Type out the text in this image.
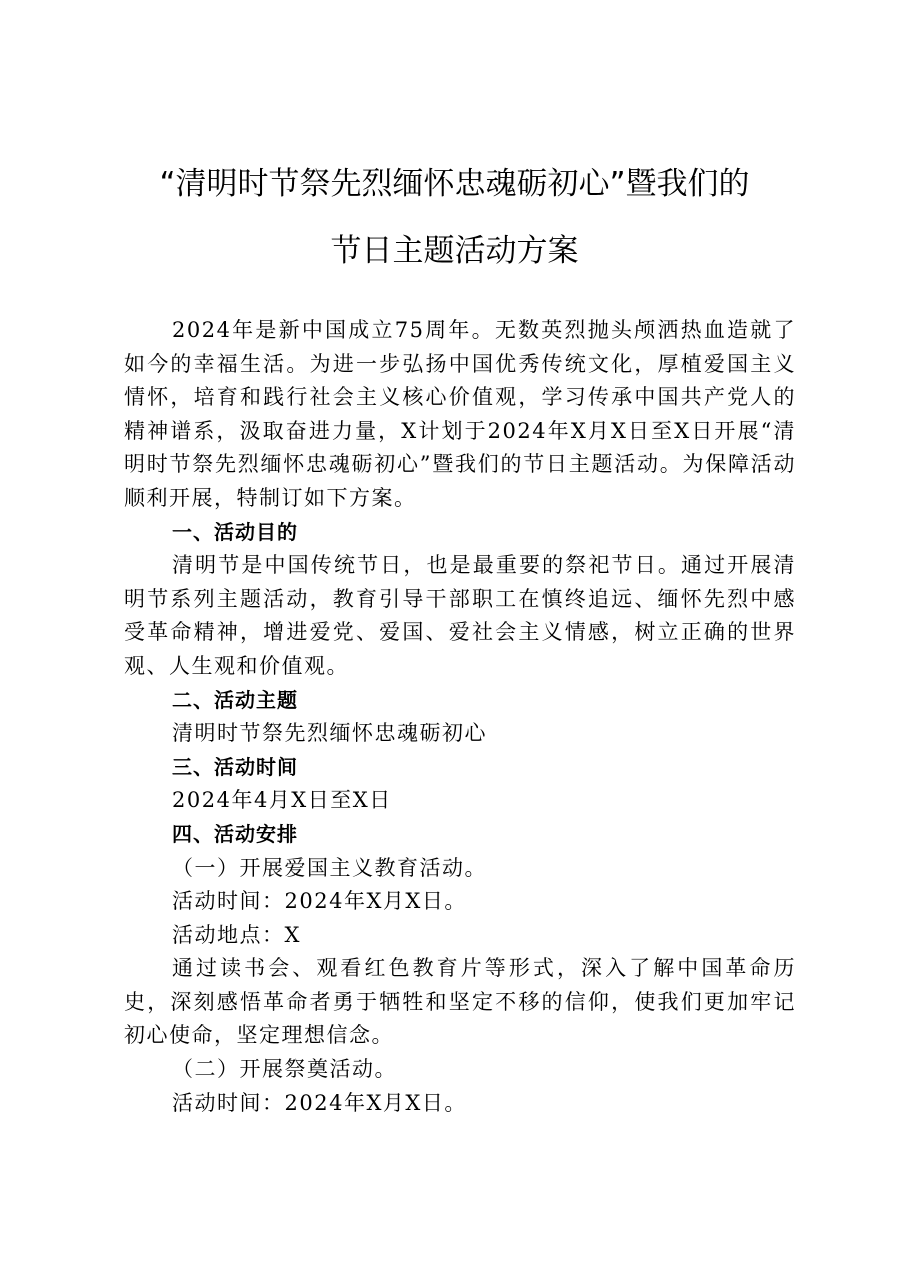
“清明时节祭先烈缅怀忠魂砺初心”暨我们的
节日主题活动方案

2024年是新中国成立75周年。无数英烈抛头颅洒热血造就了如今的幸福生活。为进一步弘扬中国优秀传统文化，厚植爱国主义情怀，培育和践行社会主义核心价值观，学习传承中国共产党人的精神谱系，汲取奋进力量，X计划于2024年X月X日至X日开展“清明时节祭先烈缅怀忠魂砺初心”暨我们的节日主题活动。为保障活动顺利开展，特制订如下方案。

一、活动目的

清明节是中国传统节日，也是最重要的祭祀节日。通过开展清明节系列主题活动，教育引导干部职工在慎终追远、缅怀先烈中感受革命精神，增进爱党、爱国、爱社会主义情感，树立正确的世界观、人生观和价值观。

二、活动主题

清明时节祭先烈缅怀忠魂砺初心

三、活动时间

2024年4月X日至X日

四、活动安排

（一）开展爱国主义教育活动。

活动时间：2024年X月X日。

活动地点：X

通过读书会、观看红色教育片等形式，深入了解中国革命历史，深刻感悟革命者勇于牺牲和坚定不移的信仰，使我们更加牢记初心使命，坚定理想信念。

（二）开展祭奠活动。

活动时间：2024年X月X日。
